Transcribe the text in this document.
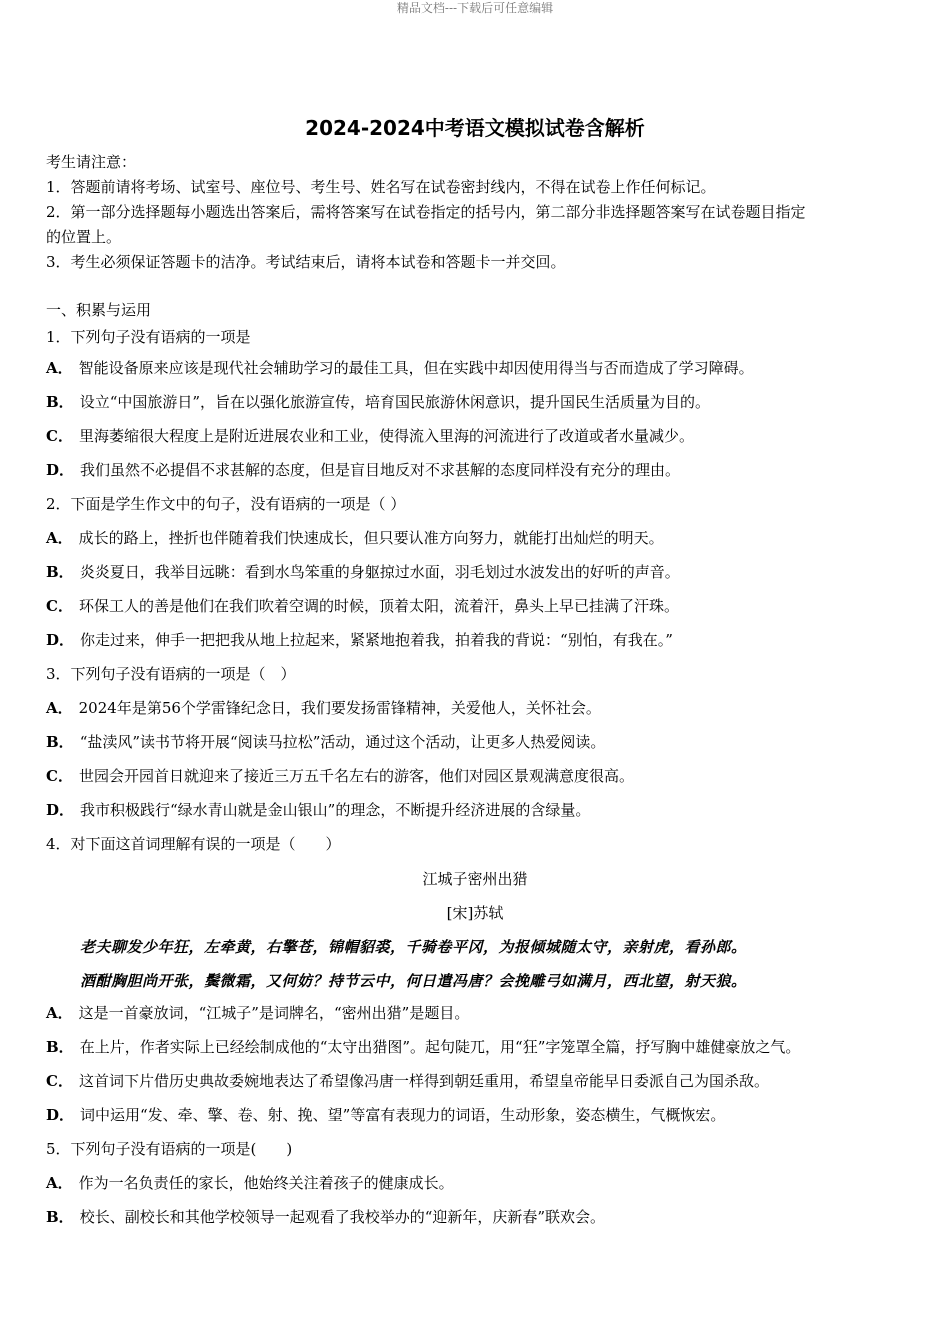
精品文档---下载后可任意编辑
2024-2024中考语文模拟试卷含解析
考生请注意：
1．答题前请将考场、试室号、座位号、考生号、姓名写在试卷密封线内，不得在试卷上作任何标记。
2．第一部分选择题每小题选出答案后，需将答案写在试卷指定的括号内，第二部分非选择题答案写在试卷题目指定
的位置上。
3．考生必须保证答题卡的洁净。考试结束后，请将本试卷和答题卡一并交回。
一、积累与运用
1．下列句子没有语病的一项是
A． 智能设备原来应该是现代社会辅助学习的最佳工具，但在实践中却因使用得当与否而造成了学习障碍。
B． 设立“中国旅游日”，旨在以强化旅游宣传，培育国民旅游休闲意识，提升国民生活质量为目的。
C． 里海萎缩很大程度上是附近进展农业和工业，使得流入里海的河流进行了改道或者水量减少。
D． 我们虽然不必提倡不求甚解的态度，但是盲目地反对不求甚解的态度同样没有充分的理由。
2．下面是学生作文中的句子，没有语病的一项是（ ）
A． 成长的路上，挫折也伴随着我们快速成长，但只要认准方向努力，就能打出灿烂的明天。
B． 炎炎夏日，我举目远眺：看到水鸟笨重的身躯掠过水面，羽毛划过水波发出的好听的声音。
C． 环保工人的善是他们在我们吹着空调的时候，顶着太阳，流着汗，鼻头上早已挂满了汗珠。
D． 你走过来，伸手一把把我从地上拉起来，紧紧地抱着我，拍着我的背说：“别怕，有我在。”
3．下列句子没有语病的一项是（　）
A． 2024年是第56个学雷锋纪念日，我们要发扬雷锋精神，关爱他人，关怀社会。
B． “盐渎风”读书节将开展“阅读马拉松”活动，通过这个活动，让更多人热爱阅读。
C． 世园会开园首日就迎来了接近三万五千名左右的游客，他们对园区景观满意度很高。
D． 我市积极践行“绿水青山就是金山银山”的理念，不断提升经济进展的含绿量。
4．对下面这首词理解有误的一项是（　　）
江城子密州出猎
[宋]苏轼
老夫聊发少年狂，左牵黄，右擎苍，锦帽貂裘，千骑卷平冈，为报倾城随太守，亲射虎，看孙郎。
酒酣胸胆尚开张，鬓微霜，又何妨？持节云中，何日遣冯唐？会挽雕弓如满月，西北望，射天狼。
A． 这是一首豪放词，“江城子”是词牌名，“密州出猎”是题目。
B． 在上片，作者实际上已经绘制成他的“太守出猎图”。起句陡兀，用“狂”字笼罩全篇，抒写胸中雄健豪放之气。
C． 这首词下片借历史典故委婉地表达了希望像冯唐一样得到朝廷重用，希望皇帝能早日委派自己为国杀敌。
D． 词中运用“发、牵、擎、卷、射、挽、望”等富有表现力的词语，生动形象，姿态横生，气概恢宏。
5．下列句子没有语病的一项是(　　)
A． 作为一名负责任的家长，他始终关注着孩子的健康成长。
B． 校长、副校长和其他学校领导一起观看了我校举办的“迎新年，庆新春”联欢会。
